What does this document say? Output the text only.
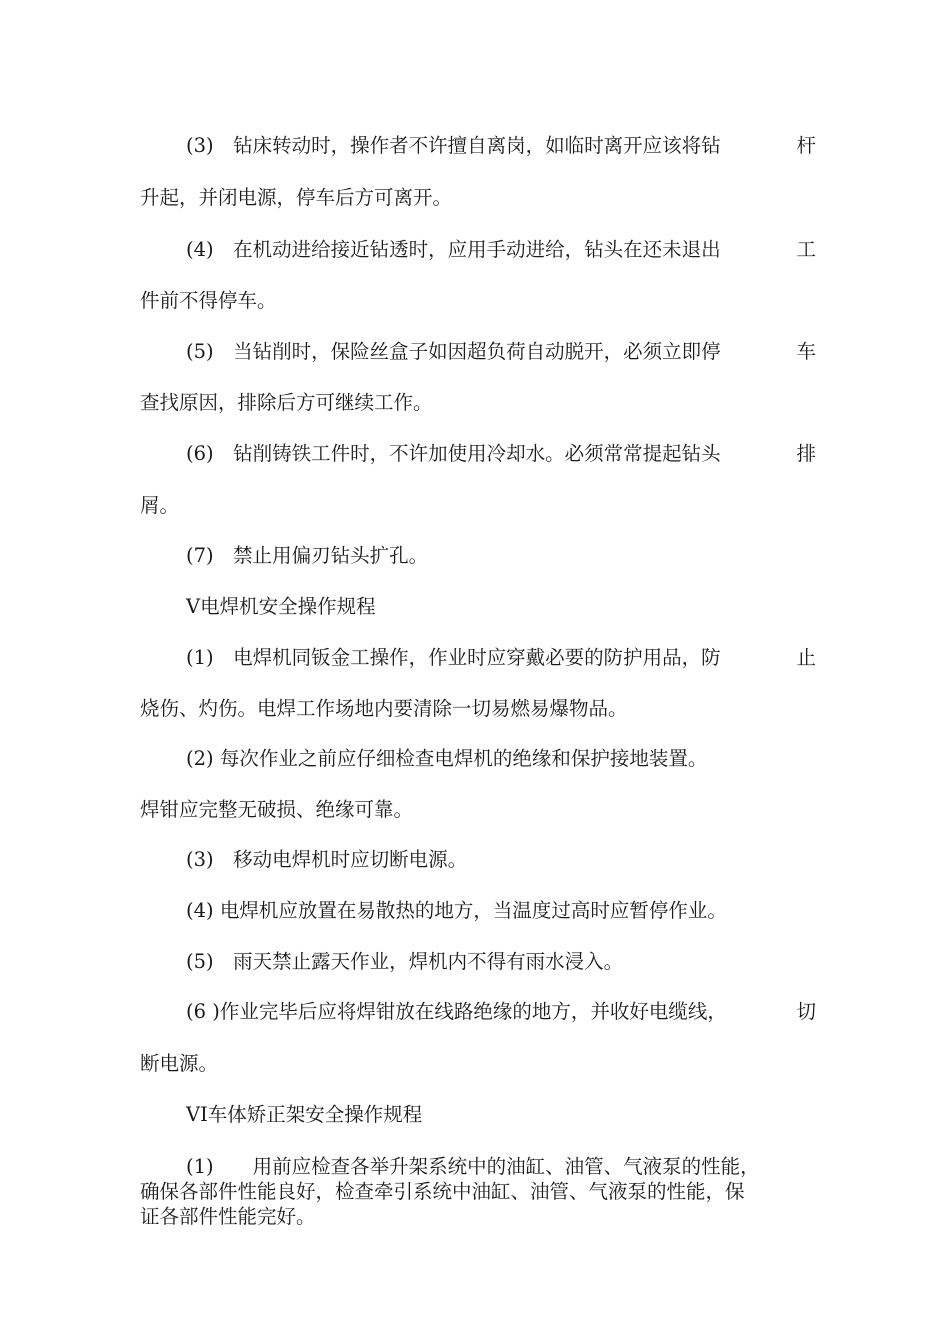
(3)　钻床转动时，操作者不许擅自离岗，如临时离开应该将钻	杆
升起，并闭电源，停车后方可离开。
(4)　在机动进给接近钻透时，应用手动进给，钻头在还未退出	工
件前不得停车。
(5)　当钻削时，保险丝盒子如因超负荷自动脱开，必须立即停	车
查找原因，排除后方可继续工作。
(6)　钻削铸铁工件时，不许加使用冷却水。必须常常提起钻头	排
屑。
(7)　禁止用偏刃钻头扩孔。
V电焊机安全操作规程
(1)　电焊机同钣金工操作，作业时应穿戴必要的防护用品，防	止
烧伤、灼伤。电焊工作场地内要清除一切易燃易爆物品。
(2) 每次作业之前应仔细检查电焊机的绝缘和保护接地装置。
焊钳应完整无破损、绝缘可靠。
(3)　移动电焊机时应切断电源。
(4) 电焊机应放置在易散热的地方，当温度过高时应暂停作业。
(5)　雨天禁止露天作业，焊机内不得有雨水浸入。
(6 )作业完毕后应将焊钳放在线路绝缘的地方，并收好电缆线，	切
断电源。
VI车体矫正架安全操作规程
(1)　　用前应检查各举升架系统中的油缸、油管、气液泵的性能，
确保各部件性能良好，检查牵引系统中油缸、油管、气液泵的性能，保
证各部件性能完好。
